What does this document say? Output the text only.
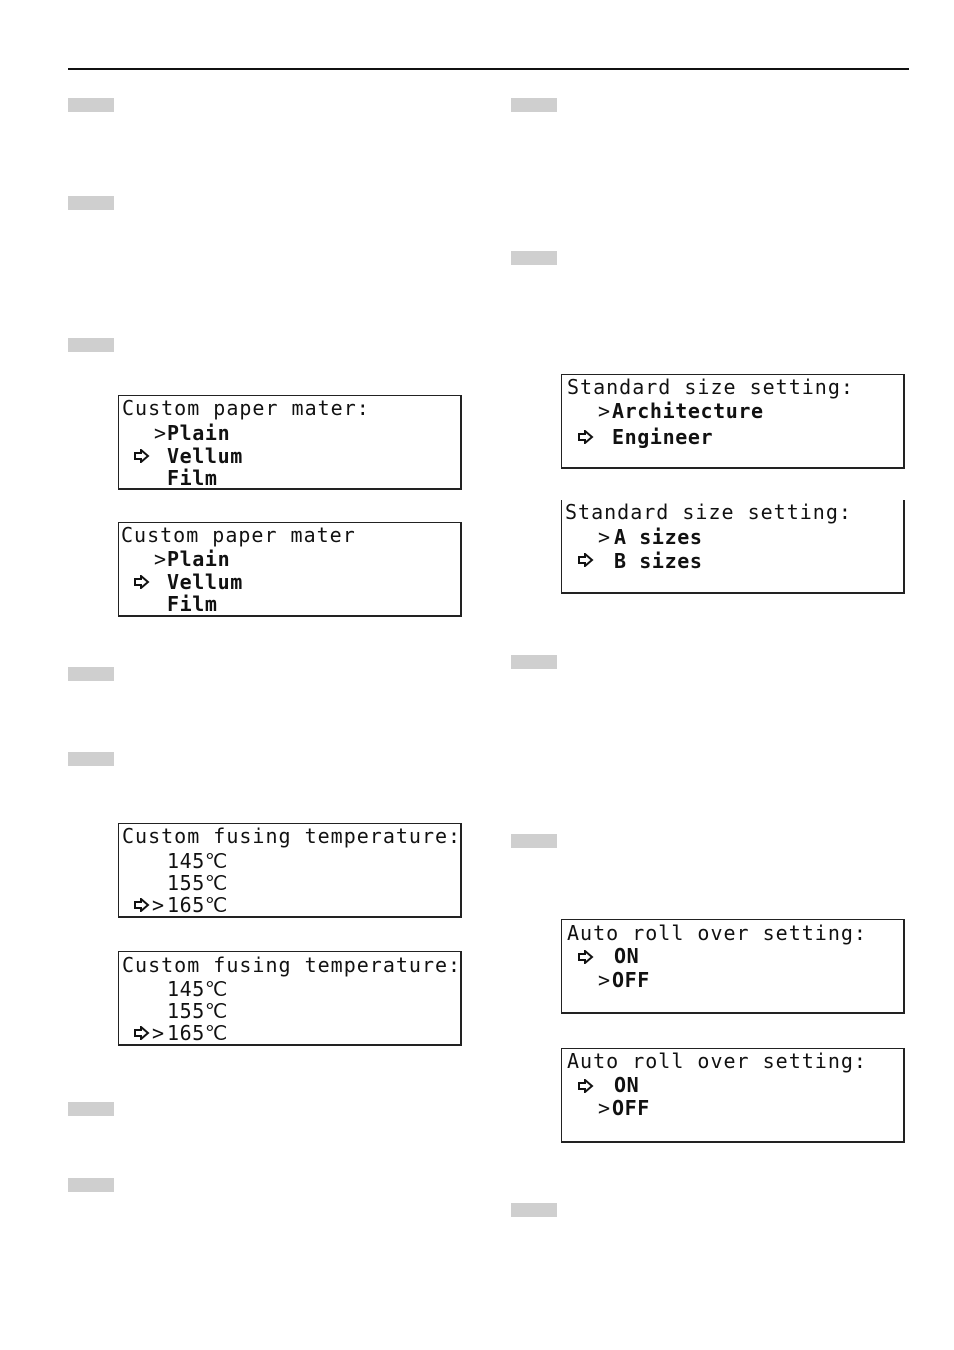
Custom paper mater:
> Plain
Vellum
Film
Custom paper mater
> Plain
Vellum
Film
Custom fusing temperature:
145℃
155℃
> 165℃
Custom fusing temperature:
145℃
155℃
> 165℃
Standard size setting:
> Architecture
Engineer
Standard size setting:
> A sizes
B sizes
Auto roll over setting:
ON
> OFF
Auto roll over setting:
ON
> OFF
